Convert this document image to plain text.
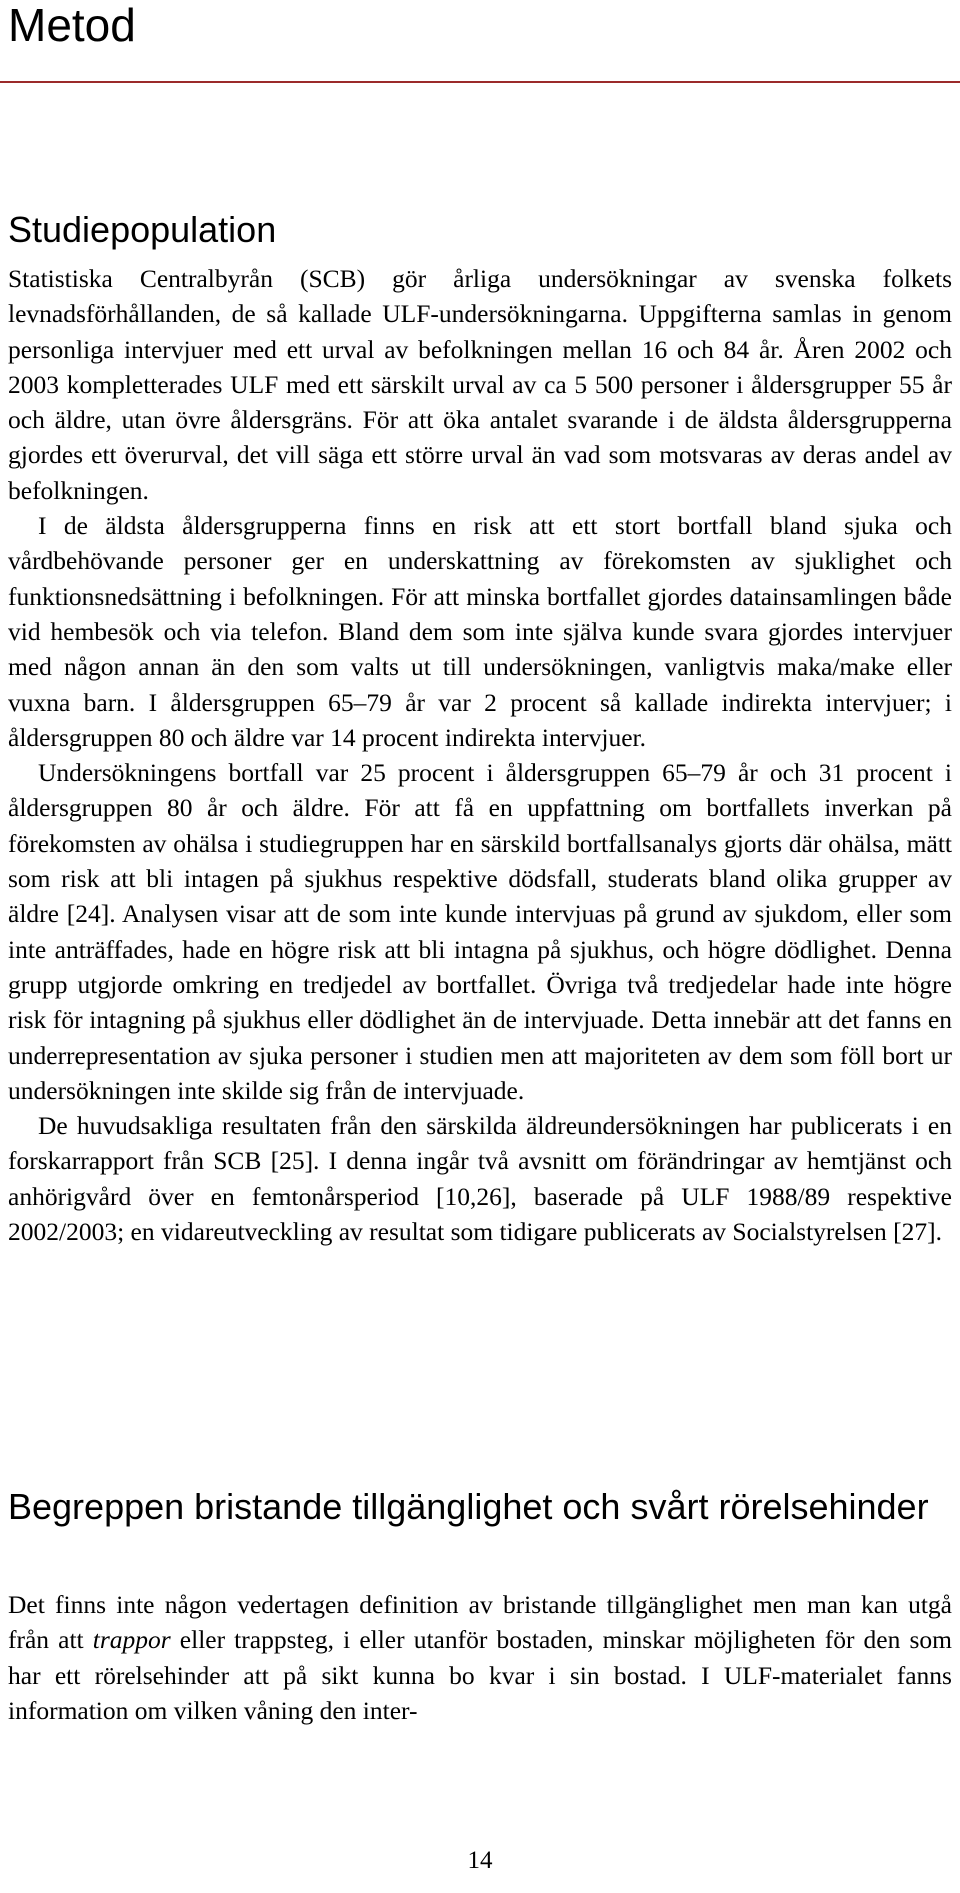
Metod
Studiepopulation

Statistiska Centralbyrån (SCB) gör årliga undersökningar av svenska folkets levnadsförhållanden, de så kallade ULF-undersökningarna. Uppgifterna samlas in genom personliga intervjuer med ett urval av befolkningen mellan 16 och 84 år. Åren 2002 och 2003 kompletterades ULF med ett särskilt urval av ca 5 500 personer i åldersgrupper 55 år och äldre, utan övre åldersgräns. För att öka antalet svarande i de äldsta åldersgrupperna gjordes ett överurval, det vill säga ett större urval än vad som motsvaras av deras andel av befolkningen.

I de äldsta åldersgrupperna finns en risk att ett stort bortfall bland sjuka och vårdbehövande personer ger en underskattning av förekomsten av sjuklighet och funktionsnedsättning i befolkningen. För att minska bortfallet gjordes datainsamlingen både vid hembesök och via telefon. Bland dem som inte själva kunde svara gjordes intervjuer med någon annan än den som valts ut till undersökningen, vanligtvis maka/make eller vuxna barn. I åldersgruppen 65–79 år var 2 procent så kallade indirekta intervjuer; i åldersgruppen 80 och äldre var 14 procent indirekta intervjuer.

Undersökningens bortfall var 25 procent i åldersgruppen 65–79 år och 31 procent i åldersgruppen 80 år och äldre. För att få en uppfattning om bortfallets inverkan på förekomsten av ohälsa i studiegruppen har en särskild bortfallsanalys gjorts där ohälsa, mätt som risk att bli intagen på sjukhus respektive dödsfall, studerats bland olika grupper av äldre [24]. Analysen visar att de som inte kunde intervjuas på grund av sjukdom, eller som inte anträffades, hade en högre risk att bli intagna på sjukhus, och högre dödlighet. Denna grupp utgjorde omkring en tredjedel av bortfallet. Övriga två tredjedelar hade inte högre risk för intagning på sjukhus eller dödlighet än de intervjuade. Detta innebär att det fanns en underrepresentation av sjuka personer i studien men att majoriteten av dem som föll bort ur undersökningen inte skilde sig från de intervjuade.

De huvudsakliga resultaten från den särskilda äldreundersökningen har publicerats i en forskarrapport från SCB [25]. I denna ingår två avsnitt om förändringar av hemtjänst och anhörigvård över en femtonårsperiod [10,26], baserade på ULF 1988/89 respektive 2002/2003; en vidareutveckling av resultat som tidigare publicerats av Socialstyrelsen [27].

Begreppen bristande tillgänglighet och svårt rörelsehinder

Det finns inte någon vedertagen definition av bristande tillgänglighet men man kan utgå från att trappor eller trappsteg, i eller utanför bostaden, minskar möjligheten för den som har ett rörelsehinder att på sikt kunna bo kvar i sin bostad. I ULF-materialet fanns information om vilken våning den inter-

14
